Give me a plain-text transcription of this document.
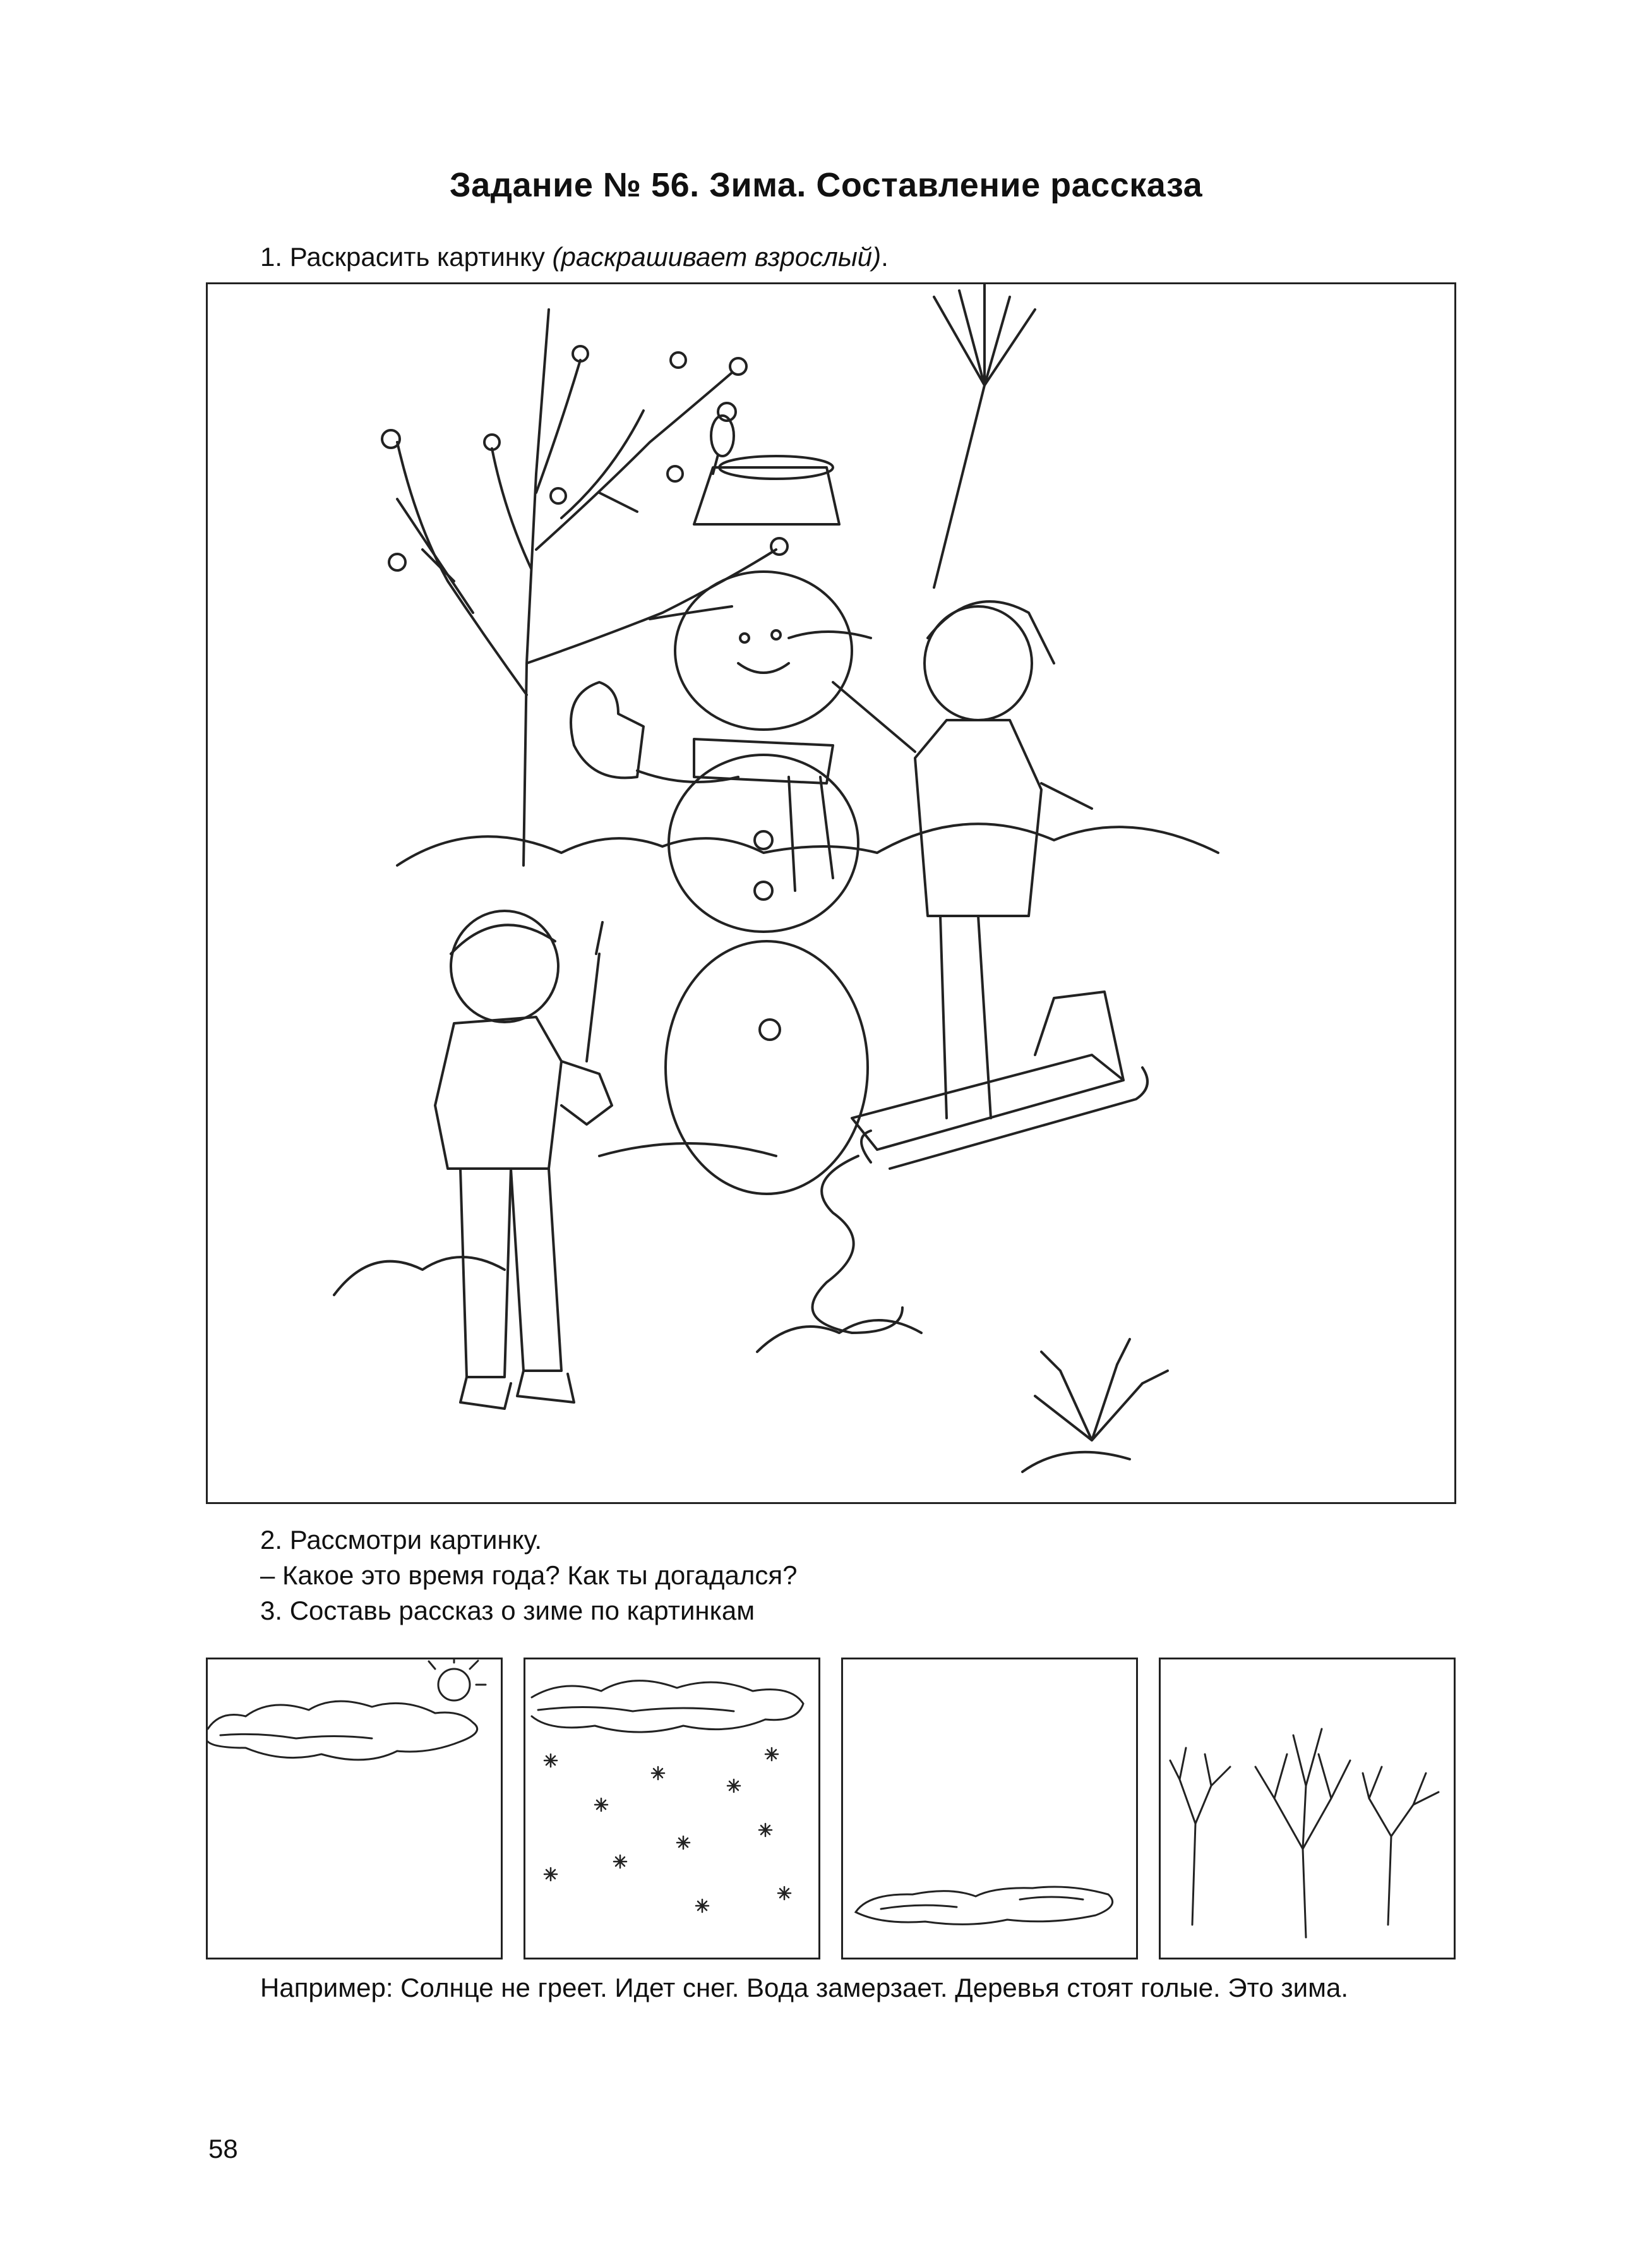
Задание № 56. Зима. Составление рассказа
1. Раскрасить картинку (раскрашивает взрослый).
2. Рассмотри картинку.
– Какое это время года? Как ты догадался?
3. Составь рассказ о зиме по картинкам
Например: Солнце не греет. Идет снег. Вода замерзает. Деревья стоят голые. Это зима.
58
